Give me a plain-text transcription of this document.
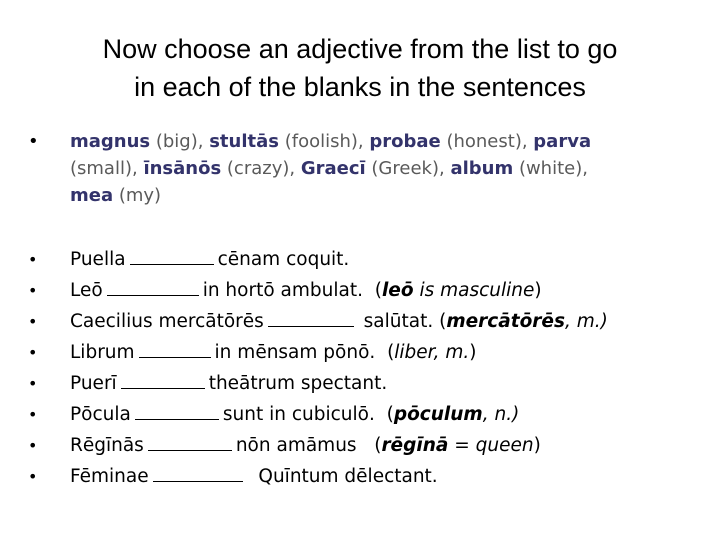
Now choose an adjective from the list to go
in each of the blanks in the sentences
• magnus (big), stultās (foolish), probae (honest), parva
(small), īnsānōs (crazy), Graecī (Greek), album (white),
mea (my)
• Puella	cēnam coquit.
• Leō	in hortō ambulat. (leō is masculine)
• Caecilius mercātōrēs	salūtat. (mercātōrēs, m.)
• Librum	in mēnsam pōnō. (liber, m.)
• Puerī	theātrum spectant.
• Pōcula	sunt in cubiculō. (pōculum, n.)
• Rēgīnās	nōn amāmus (rēgīnā = queen)
• Fēminae	Quīntum dēlectant.
